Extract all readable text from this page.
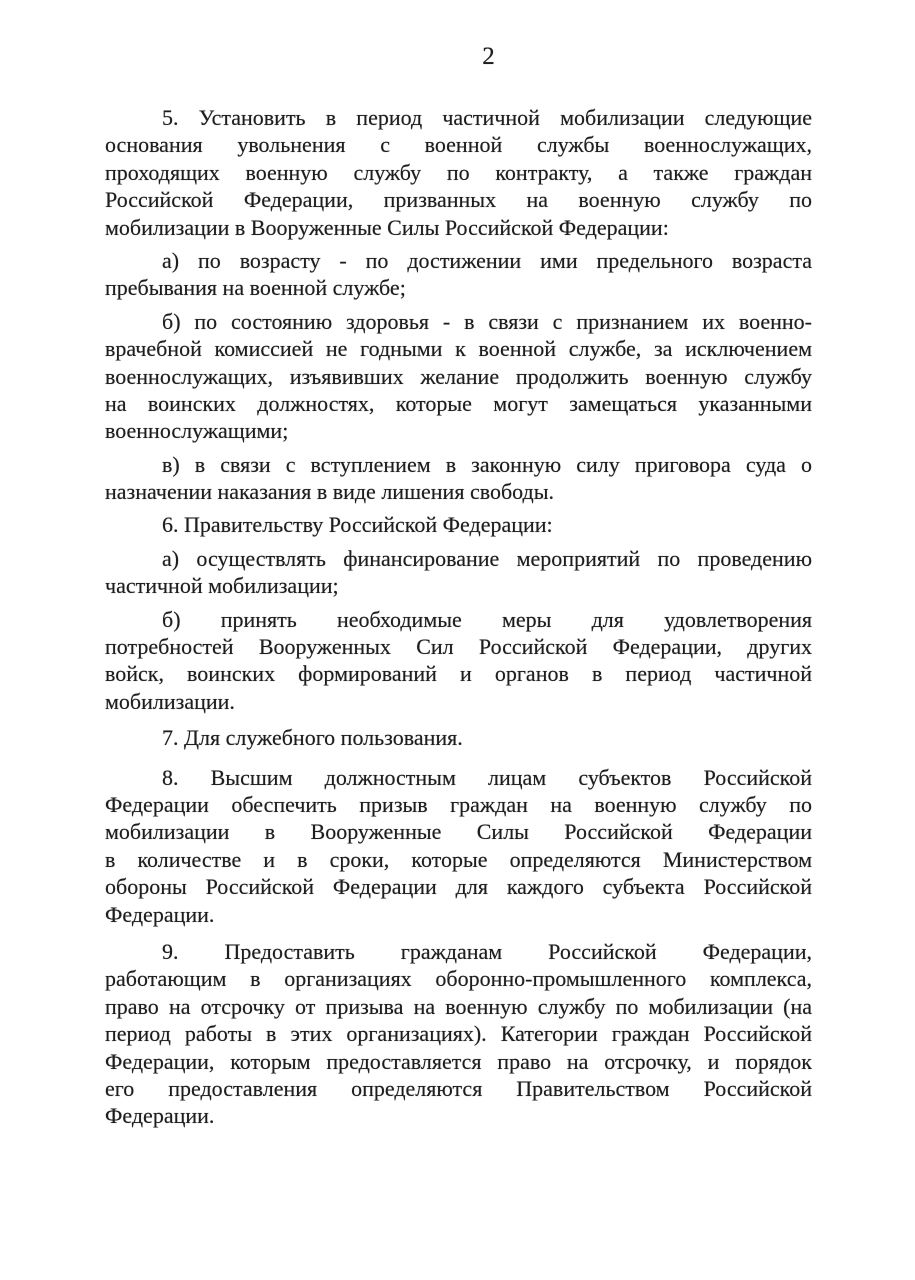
2
5. Установить в период частичной мобилизации следующие
основания увольнения с военной службы военнослужащих,
проходящих военную службу по контракту, а также граждан
Российской Федерации, призванных на военную службу по
мобилизации в Вооруженные Силы Российской Федерации:
а) по возрасту - по достижении ими предельного возраста
пребывания на военной службе;
б) по состоянию здоровья - в связи с признанием их военно-
врачебной комиссией не годными к военной службе, за исключением
военнослужащих, изъявивших желание продолжить военную службу
на воинских должностях, которые могут замещаться указанными
военнослужащими;
в) в связи с вступлением в законную силу приговора суда о
назначении наказания в виде лишения свободы.
6. Правительству Российской Федерации:
а) осуществлять финансирование мероприятий по проведению
частичной мобилизации;
б) принять необходимые меры для удовлетворения
потребностей Вооруженных Сил Российской Федерации, других
войск, воинских формирований и органов в период частичной
мобилизации.
7. Для служебного пользования.
8. Высшим должностным лицам субъектов Российской
Федерации обеспечить призыв граждан на военную службу по
мобилизации в Вооруженные Силы Российской Федерации
в количестве и в сроки, которые определяются Министерством
обороны Российской Федерации для каждого субъекта Российской
Федерации.
9. Предоставить гражданам Российской Федерации,
работающим в организациях оборонно-промышленного комплекса,
право на отсрочку от призыва на военную службу по мобилизации (на
период работы в этих организациях). Категории граждан Российской
Федерации, которым предоставляется право на отсрочку, и порядок
его предоставления определяются Правительством Российской
Федерации.
